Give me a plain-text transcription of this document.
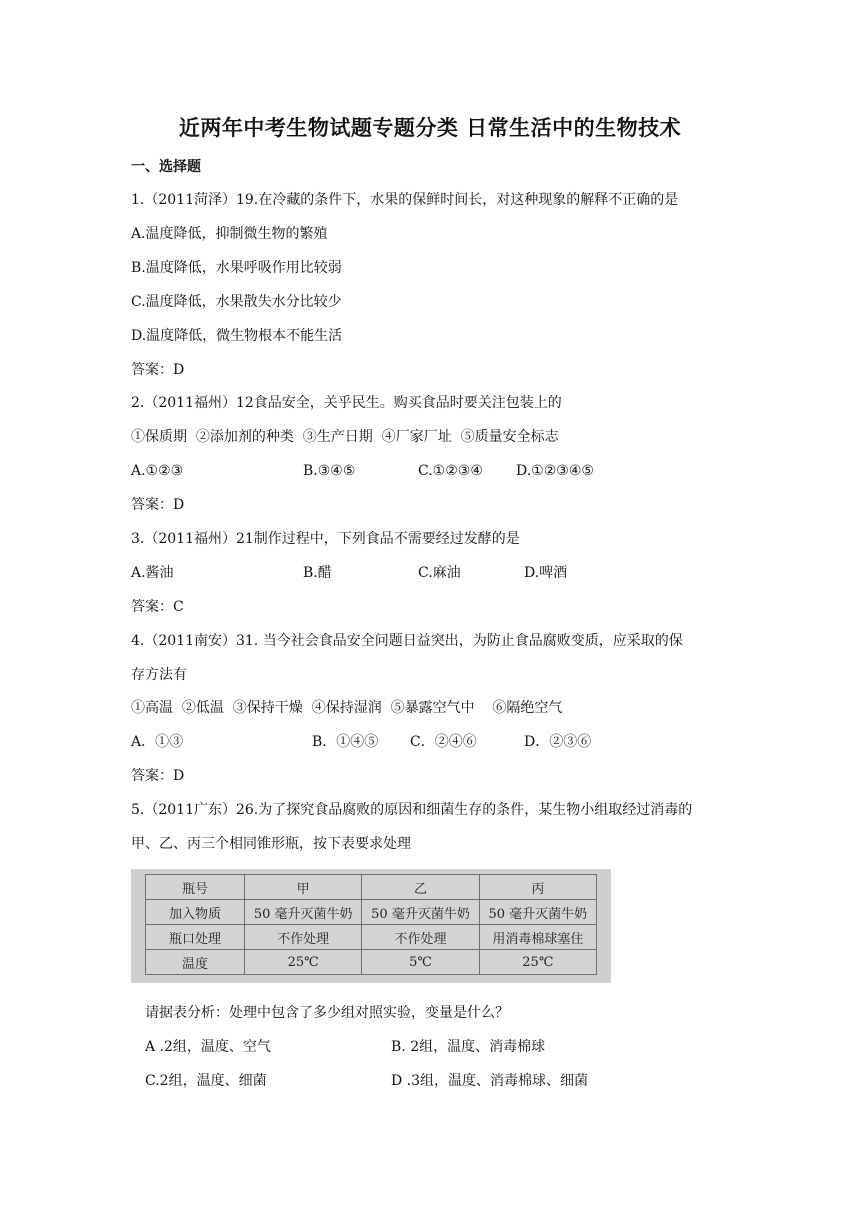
近两年中考生物试题专题分类 日常生活中的生物技术
一、选择题
1.（2011菏泽）19.在冷藏的条件下，水果的保鲜时间长，对这种现象的解释不正确的是
A.温度降低，抑制微生物的繁殖
B.温度降低，水果呼吸作用比较弱
C.温度降低，水果散失水分比较少
D.温度降低，微生物根本不能生活
答案：D
2.（2011福州）12食品安全，关乎民生。购买食品时要关注包装上的
①保质期  ②添加剂的种类  ③生产日期  ④厂家厂址  ⑤质量安全标志

A.①②③

	B.③④⑤

	C.①②③④

D.①②③④⑤

答案：D
3.（2011福州）21制作过程中，下列食品不需要经过发酵的是

A.酱油

	B.醋

	C.麻油

	D.啤酒

答案：C
4.（2011南安）31. 当今社会食品安全问题日益突出，为防止食品腐败变质，应采取的保
存方法有
①高温  ②低温  ③保持干燥  ④保持湿润  ⑤暴露空气中    ⑥隔绝空气

A．①③

	B．①④⑤

C．②④⑥

	D．②③⑥

答案：D
5.（2011广东）26.为了探究食品腐败的原因和细菌生存的条件，某生物小组取经过消毒的
甲、乙、丙三个相同锥形瓶，按下表要求处理
瓶号	甲	乙	丙
加入物质	50 毫升灭菌牛奶	50 毫升灭菌牛奶	50 毫升灭菌牛奶
瓶口处理	不作处理	不作处理	用消毒棉球塞住
温度	25℃	5℃	25℃
请据表分析：处理中包含了多少组对照实验，变量是什么？

A .2组，温度、空气

	B. 2组，温度、消毒棉球

C.2组，温度、细菌

	D .3组，温度、消毒棉球、细菌
